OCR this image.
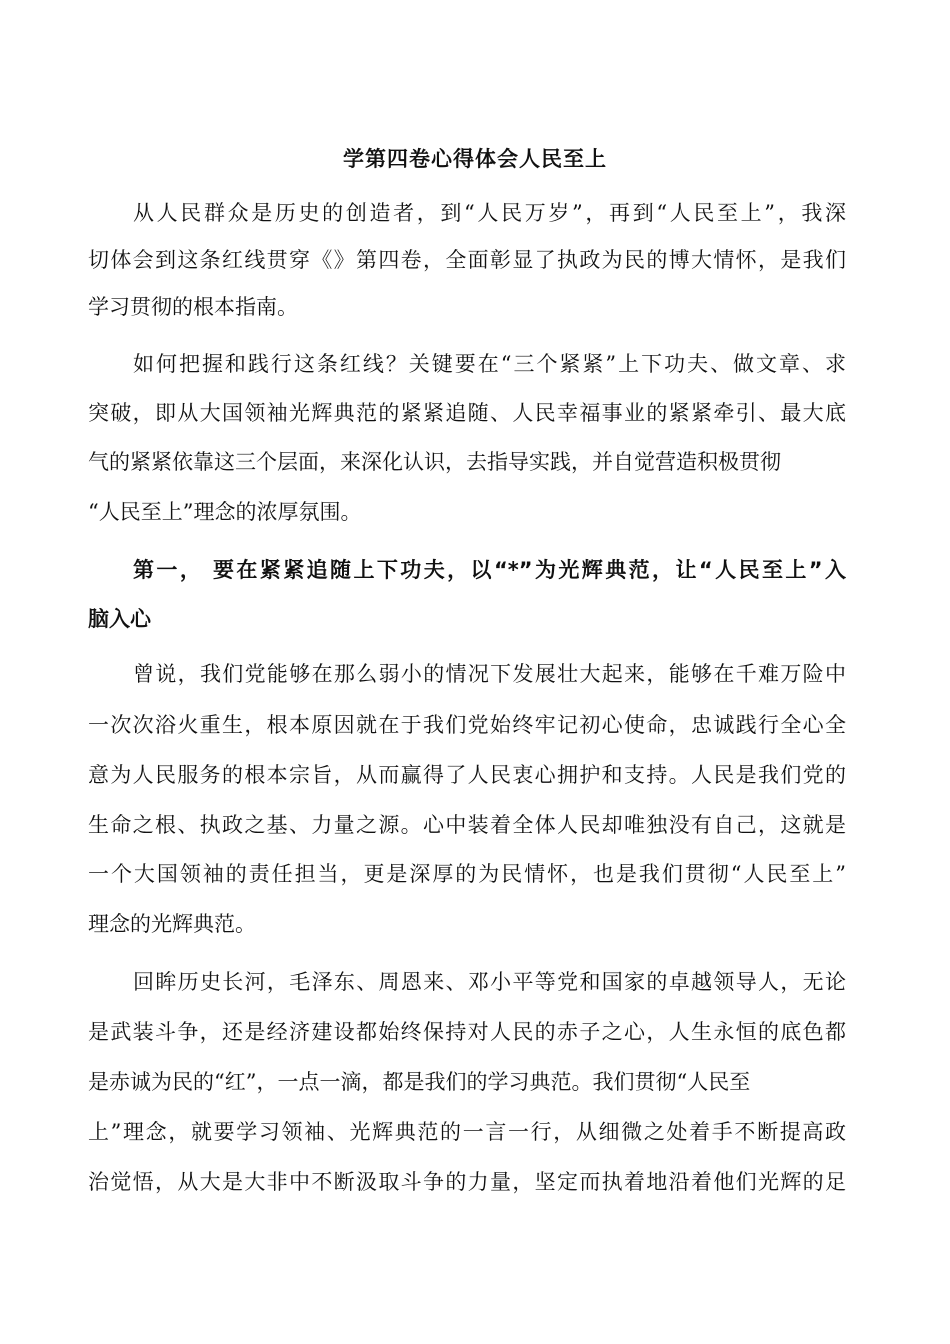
学第四卷心得体会人民至上
从人民群众是历史的创造者，到“人民万岁”，再到“人民至上”，我深
切体会到这条红线贯穿《》第四卷，全面彰显了执政为民的博大情怀，是我们
学习贯彻的根本指南。
如何把握和践行这条红线？关键要在“三个紧紧”上下功夫、做文章、求
突破，即从大国领袖光辉典范的紧紧追随、人民幸福事业的紧紧牵引、最大底
气的紧紧依靠这三个层面，来深化认识，去指导实践，并自觉营造积极贯彻
“人民至上”理念的浓厚氛围。
第一， 要在紧紧追随上下功夫，以“*”为光辉典范，让“人民至上”入
脑入心
曾说，我们党能够在那么弱小的情况下发展壮大起来，能够在千难万险中
一次次浴火重生，根本原因就在于我们党始终牢记初心使命，忠诚践行全心全
意为人民服务的根本宗旨，从而赢得了人民衷心拥护和支持。人民是我们党的
生命之根、执政之基、力量之源。心中装着全体人民却唯独没有自己，这就是
一个大国领袖的责任担当，更是深厚的为民情怀，也是我们贯彻“人民至上”
理念的光辉典范。
回眸历史长河，毛泽东、周恩来、邓小平等党和国家的卓越领导人，无论
是武装斗争，还是经济建设都始终保持对人民的赤子之心，人生永恒的底色都
是赤诚为民的“红”，一点一滴，都是我们的学习典范。我们贯彻“人民至
上”理念，就要学习领袖、光辉典范的一言一行，从细微之处着手不断提高政
治觉悟，从大是大非中不断汲取斗争的力量，坚定而执着地沿着他们光辉的足
